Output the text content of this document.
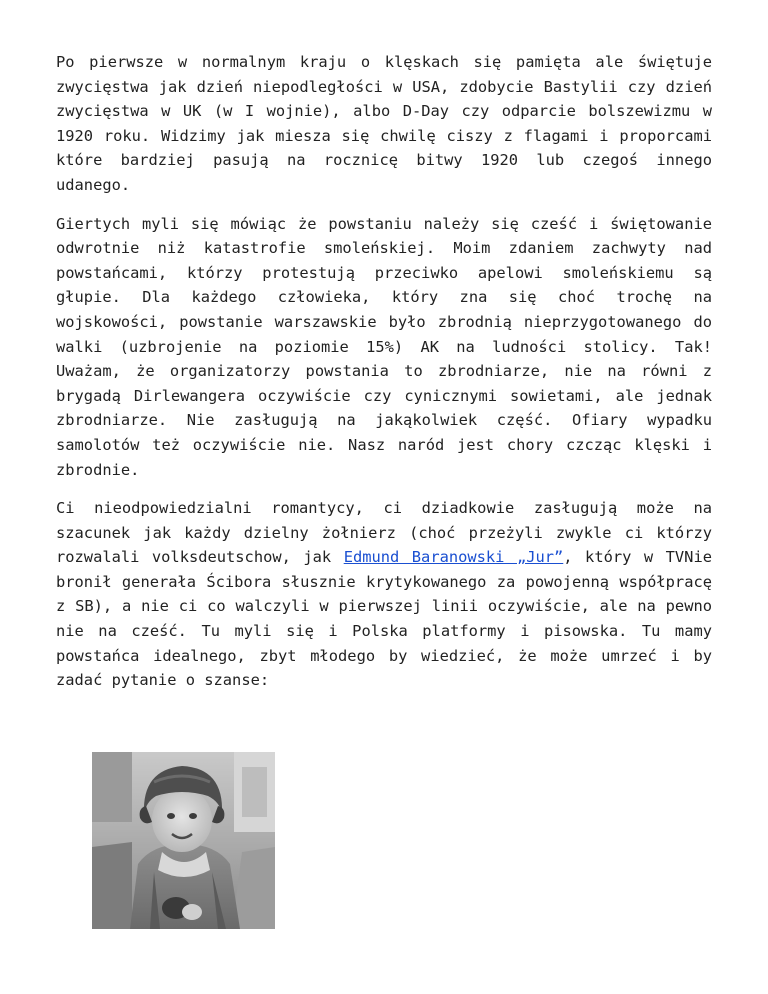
Po pierwsze w normalnym kraju o klęskach się pamięta ale świętuje zwycięstwa jak dzień niepodległości w USA, zdobycie Bastylii czy dzień zwycięstwa w UK (w I wojnie), albo D-Day czy odparcie bolszewizmu w 1920 roku. Widzimy jak miesza się chwilę ciszy z flagami i proporcami które bardziej pasują na rocznicę bitwy 1920 lub czegoś innego udanego.

Giertych myli się mówiąc że powstaniu należy się cześć i świętowanie odwrotnie niż katastrofie smoleńskiej. Moim zdaniem zachwyty nad powstańcami, którzy protestują przeciwko apelowi smoleńskiemu są głupie. Dla każdego człowieka, który zna się choć trochę na wojskowości, powstanie warszawskie było zbrodnią nieprzygotowanego do walki (uzbrojenie na poziomie 15%) AK na ludności stolicy. Tak! Uważam, że organizatorzy powstania to zbrodniarze, nie na równi z brygadą Dirlewangera oczywiście czy cynicznymi sowietami, ale jednak zbrodniarze. Nie zasługują na jakąkolwiek część. Ofiary wypadku samolotów też oczywiście nie. Nasz naród jest chory czcząc klęski i zbrodnie.

Ci nieodpowiedzialni romantycy, ci dziadkowie zasługują może na szacunek jak każdy dzielny żołnierz (choć przeżyli zwykle ci którzy rozwalali volksdeutschow, jak Edmund Baranowski „Jur”, który w TVNie bronił generała Ścibora słusznie krytykowanego za powojenną współpracę z SB), a nie ci co walczyli w pierwszej linii oczywiście, ale na pewno nie na cześć. Tu myli się i Polska platformy i pisowska. Tu mamy powstańca idealnego, zbyt młodego by wiedzieć, że może umrzeć i by zadać pytanie o szanse:
